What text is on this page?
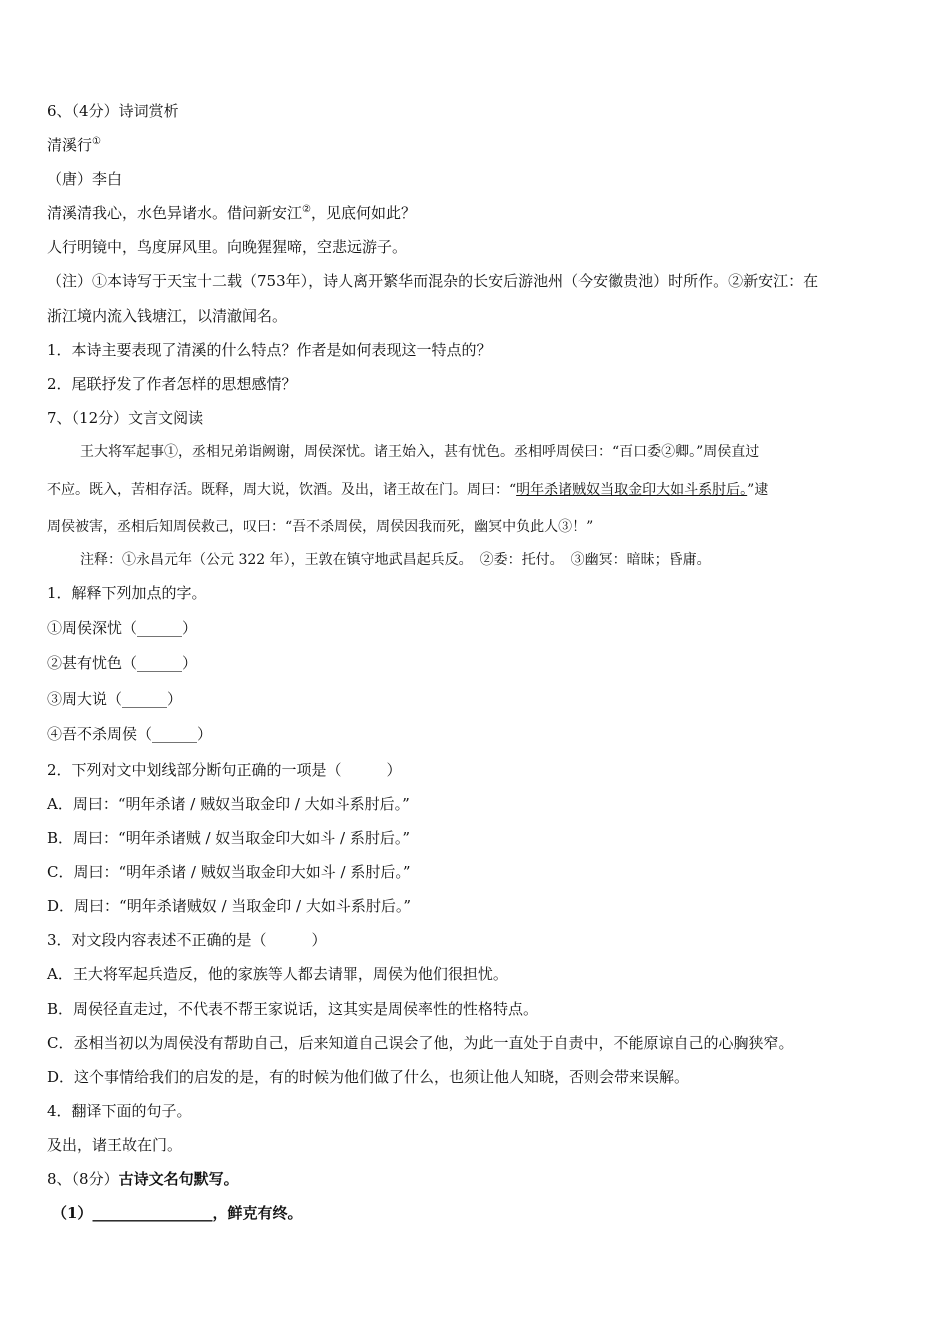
6、（4分）诗词赏析
清溪行①
（唐）李白
清溪清我心，水色异诸水。借问新安江②，见底何如此？
人行明镜中，鸟度屏风里。向晚猩猩啼，空悲远游子。
（注）①本诗写于天宝十二载（753年），诗人离开繁华而混杂的长安后游池州（今安徽贵池）时所作。②新安江：在
浙江境内流入钱塘江，以清澈闻名。
1．本诗主要表现了清溪的什么特点？作者是如何表现这一特点的？
2．尾联抒发了作者怎样的思想感情？
7、（12分）文言文阅读
王大将军起事①，丞相兄弟诣阙谢，周侯深忧。诸王始入，甚有忧色。丞相呼周侯曰：“百口委②卿。”周侯直过
不应。既入，苦相存活。既释，周大说，饮酒。及出，诸王故在门。周曰：“明年杀诸贼奴当取金印大如斗系肘后。”逮
周侯被害，丞相后知周侯救己，叹曰：“吾不杀周侯，周侯因我而死，幽冥中负此人③！”
注释：①永昌元年（公元 322 年），王敦在镇守地武昌起兵反。　②委：托付。　③幽冥：暗昧；昏庸。
1．解释下列加点的字。
①周侯深忧（______）
②甚有忧色（______）
③周大说（______）
④吾不杀周侯（______）
2．下列对文中划线部分断句正确的一项是（　　　）
A．周曰：“明年杀诸 / 贼奴当取金印 / 大如斗系肘后。”
B．周曰：“明年杀诸贼 / 奴当取金印大如斗 / 系肘后。”
C．周曰：“明年杀诸 / 贼奴当取金印大如斗 / 系肘后。”
D．周曰：“明年杀诸贼奴 / 当取金印 / 大如斗系肘后。”
3．对文段内容表述不正确的是（　　　）
A．王大将军起兵造反，他的家族等人都去请罪，周侯为他们很担忧。
B．周侯径直走过，不代表不帮王家说话，这其实是周侯率性的性格特点。
C．丞相当初以为周侯没有帮助自己，后来知道自己误会了他，为此一直处于自责中，不能原谅自己的心胸狭窄。
D．这个事情给我们的启发的是，有的时候为他们做了什么，也须让他人知晓，否则会带来误解。
4．翻译下面的句子。
及出，诸王故在门。
8、（8分）古诗文名句默写。
（1）________________，鲜克有终。
